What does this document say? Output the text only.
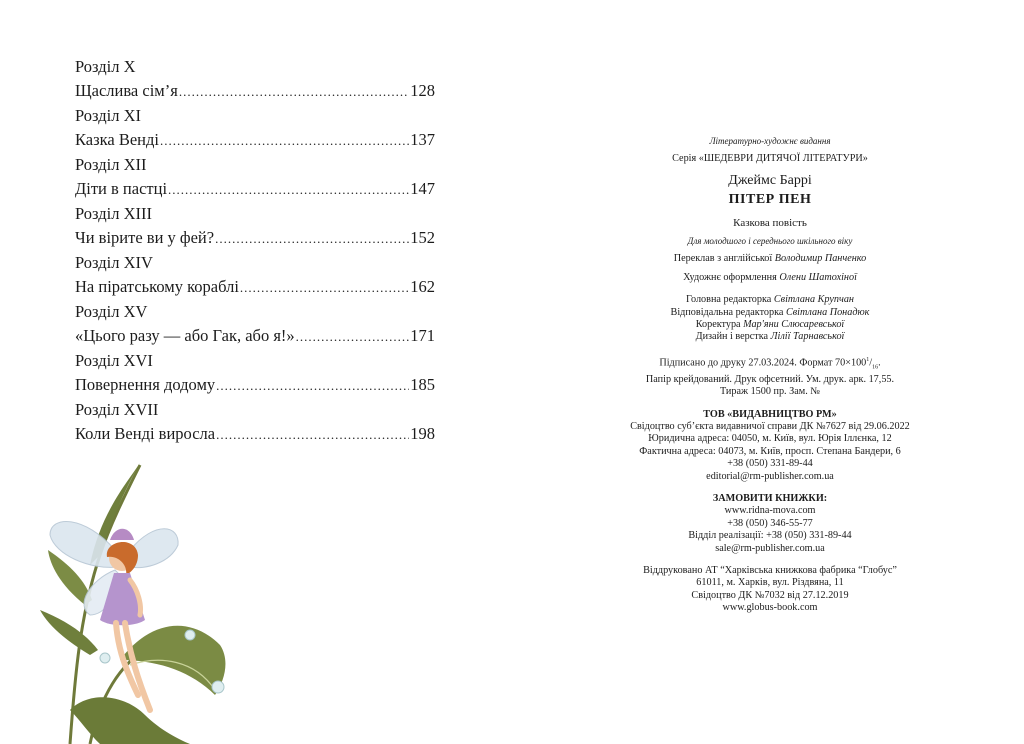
Розділ X
Щаслива сім’я .....	128
Розділ XI
Казка Венді .....	137
Розділ XII
Діти в пастці .....	147
Розділ XIII
Чи вірите ви у фей? .....	152
Розділ XIV
На піратському кораблі .....	162
Розділ XV
«Цього разу — або Гак, або я!» .....	171
Розділ XVI
Повернення додому .....	185
Розділ XVII
Коли Венді виросла .....	198

Літературно-художнє видання

Серія «ШЕДЕВРИ ДИТЯЧОЇ ЛІТЕРАТУРИ»

Джеймс Баррі

ПІТЕР ПЕН

Казкова повість

Для молодшого і середнього шкільного віку

Переклав з англійської Володимир Панченко

Художнє оформлення Олени Шатохіної

Головна редакторка Світлана Крупчан

Відповідальна редакторка Світлана Понадюк

Коректура Мар'яни Слюсаревської

Дизайн і верстка Лілії Тарнавської

Підписано до друку 27.03.2024. Формат $70\times 100^1/_{16}$.

Папір крейдований. Друк офсетний. Ум. друк. арк. 17,55.

Тираж 1500 пр. Зам. №

ТОВ «ВИДАВНИЦТВО РМ»

Свідоцтво суб’єкта видавничої справи ДК №7627 від 29.06.2022

Юридична адреса: 04050, м. Київ, вул. Юрія Іллєнка, 12

Фактична адреса: 04073, м. Київ, просп. Степана Бандери, 6

+38 (050) 331-89-44

editorial@rm-publisher.com.ua

ЗАМОВИТИ КНИЖКИ:

www.ridna-mova.com

+38 (050) 346-55-77

Відділ реалізації: +38 (050) 331-89-44

sale@rm-publisher.com.ua

Віддруковано АТ “Харківська книжкова фабрика “Глобус”

61011, м. Харків, вул. Різдвяна, 11

Свідоцтво ДК №7032 від 27.12.2019

www.globus-book.com
